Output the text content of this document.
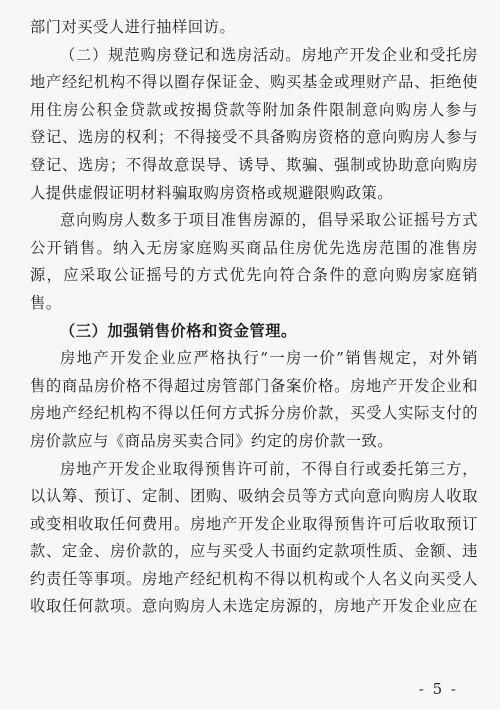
部门对买受人进行抽样回访。
（二）规范购房登记和选房活动。房地产开发企业和受托房
地产经纪机构不得以圈存保证金、购买基金或理财产品、拒绝使
用住房公积金贷款或按揭贷款等附加条件限制意向购房人参与
登记、选房的权利；不得接受不具备购房资格的意向购房人参与
登记、选房；不得故意误导、诱导、欺骗、强制或协助意向购房
人提供虚假证明材料骗取购房资格或规避限购政策。
意向购房人数多于项目准售房源的，倡导采取公证摇号方式
公开销售。纳入无房家庭购买商品住房优先选房范围的准售房
源，应采取公证摇号的方式优先向符合条件的意向购房家庭销
售。
（三）加强销售价格和资金管理。
房地产开发企业应严格执行“一房一价”销售规定，对外销
售的商品房价格不得超过房管部门备案价格。房地产开发企业和
房地产经纪机构不得以任何方式拆分房价款，买受人实际支付的
房价款应与《商品房买卖合同》约定的房价款一致。
房地产开发企业取得预售许可前，不得自行或委托第三方，
以认筹、预订、定制、团购、吸纳会员等方式向意向购房人收取
或变相收取任何费用。房地产开发企业取得预售许可后收取预订
款、定金、房价款的，应与买受人书面约定款项性质、金额、违
约责任等事项。房地产经纪机构不得以机构或个人名义向买受人
收取任何款项。意向购房人未选定房源的，房地产开发企业应在
- 5 -
